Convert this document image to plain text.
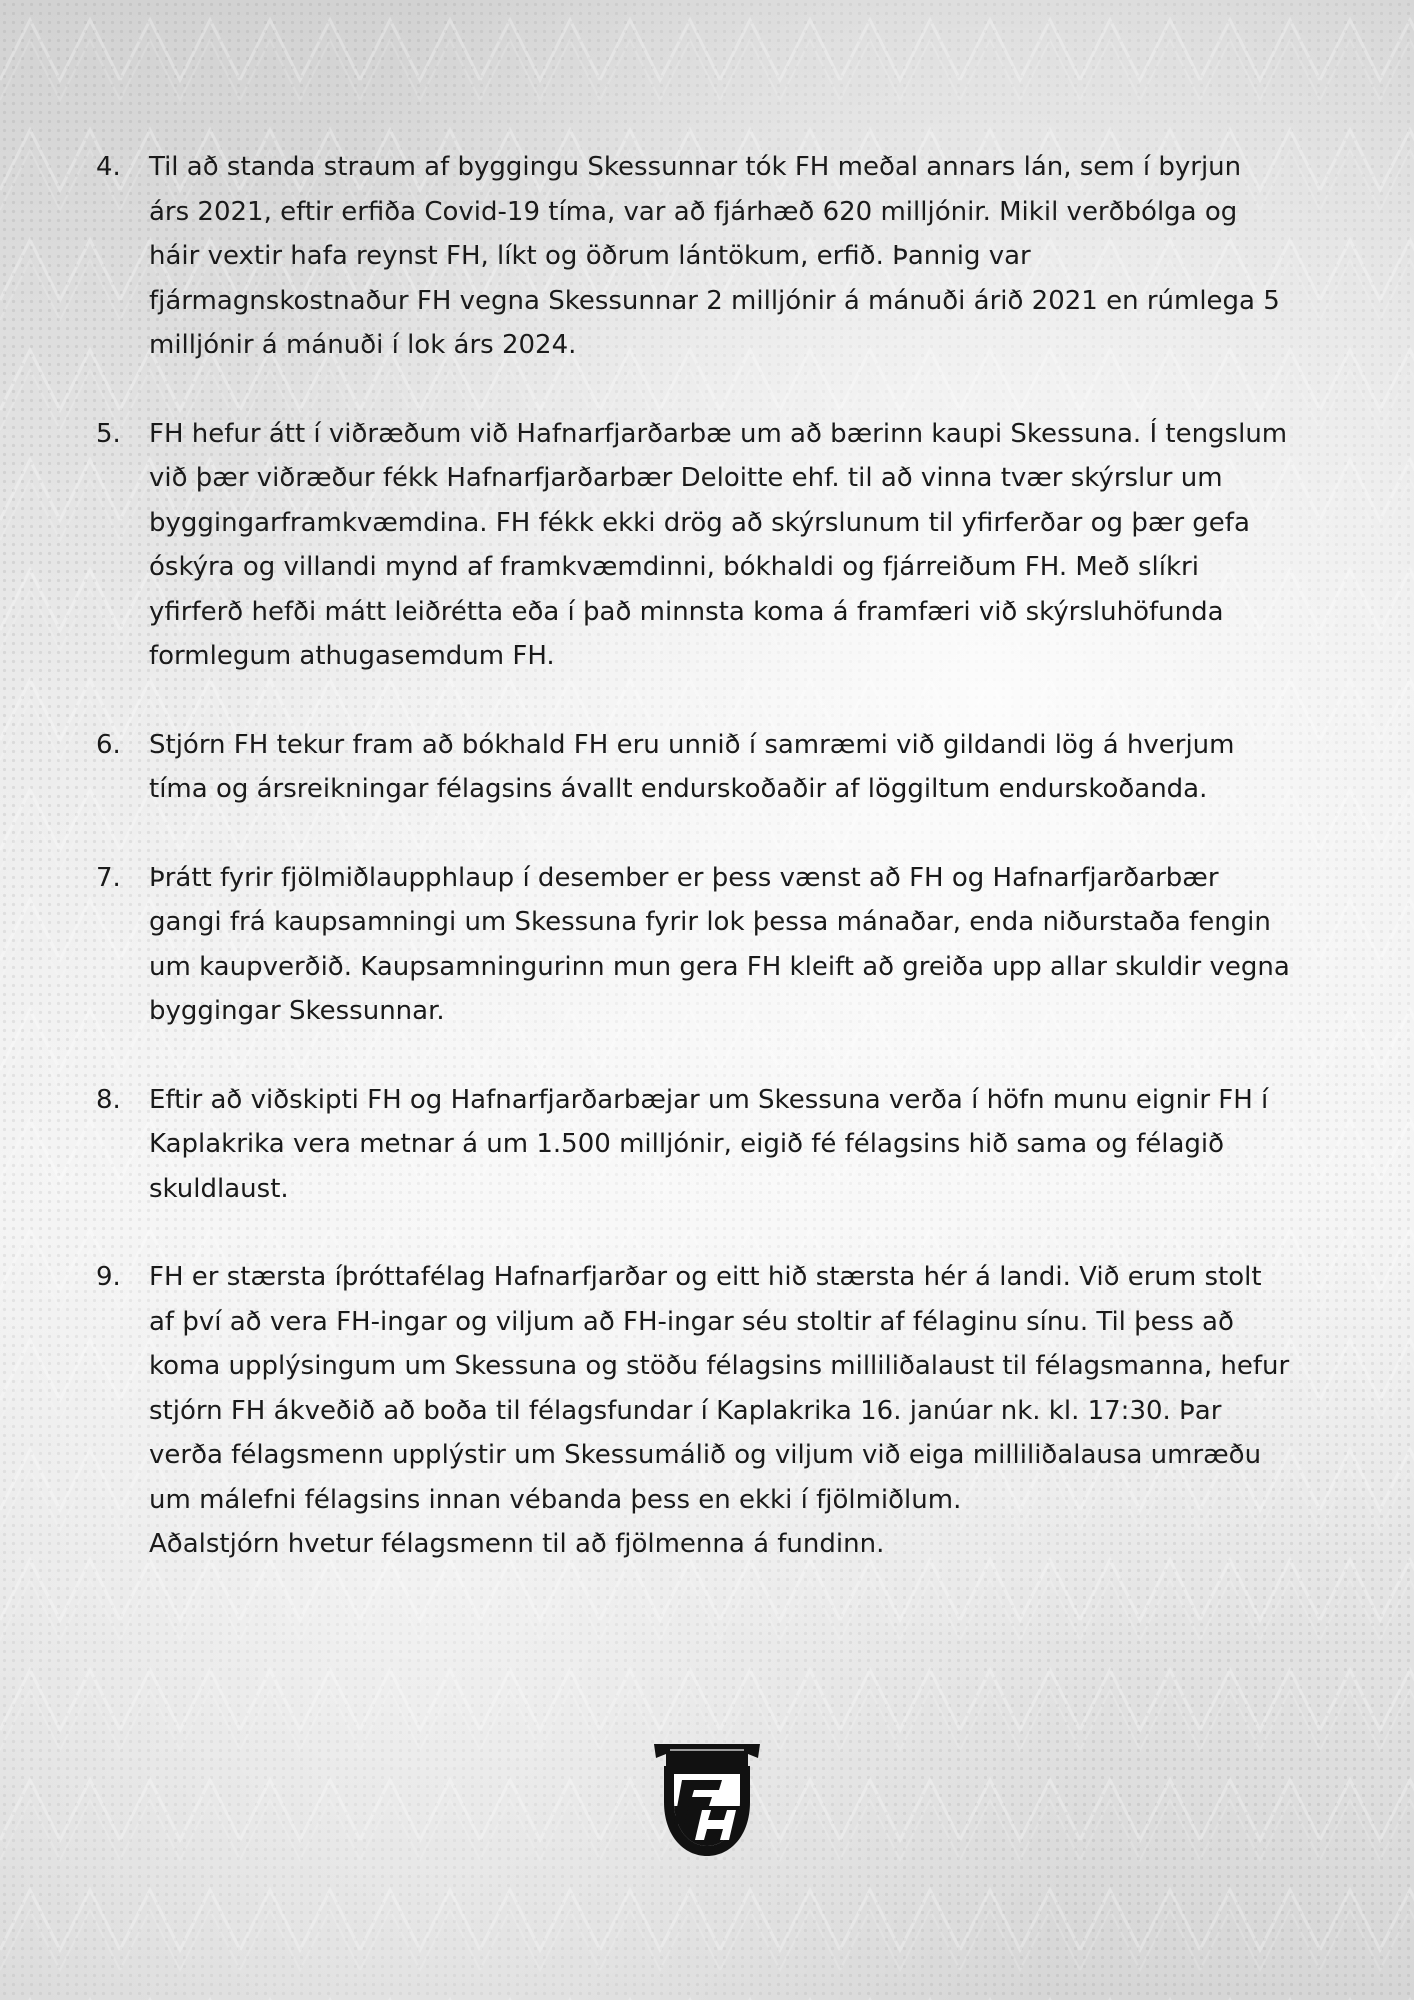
4. Til að standa straum af byggingu Skessunnar tók FH meðal annars lán, sem í byrjun

árs 2021, eftir erfiða Covid-19 tíma, var að fjárhæð 620 milljónir. Mikil verðbólga og

háir vextir hafa reynst FH, líkt og öðrum lántökum, erfið. Þannig var

fjármagnskostnaður FH vegna Skessunnar 2 milljónir á mánuði árið 2021 en rúmlega 5

milljónir á mánuði í lok árs 2024.

5. FH hefur átt í viðræðum við Hafnarfjarðarbæ um að bærinn kaupi Skessuna. Í tengslum

við þær viðræður fékk Hafnarfjarðarbær Deloitte ehf. til að vinna tvær skýrslur um

byggingarframkvæmdina. FH fékk ekki drög að skýrslunum til yfirferðar og þær gefa

óskýra og villandi mynd af framkvæmdinni, bókhaldi og fjárreiðum FH. Með slíkri

yfirferð hefði mátt leiðrétta eða í það minnsta koma á framfæri við skýrsluhöfunda

formlegum athugasemdum FH.

6. Stjórn FH tekur fram að bókhald FH eru unnið í samræmi við gildandi lög á hverjum

tíma og ársreikningar félagsins ávallt endurskoðaðir af löggiltum endurskoðanda.

7. Þrátt fyrir fjölmiðlaupphlaup í desember er þess vænst að FH og Hafnarfjarðarbær

gangi frá kaupsamningi um Skessuna fyrir lok þessa mánaðar, enda niðurstaða fengin

um kaupverðið. Kaupsamningurinn mun gera FH kleift að greiða upp allar skuldir vegna

byggingar Skessunnar.

8. Eftir að viðskipti FH og Hafnarfjarðarbæjar um Skessuna verða í höfn munu eignir FH í

Kaplakrika vera metnar á um 1.500 milljónir, eigið fé félagsins hið sama og félagið

skuldlaust.

9. FH er stærsta íþróttafélag Hafnarfjarðar og eitt hið stærsta hér á landi. Við erum stolt

af því að vera FH-ingar og viljum að FH-ingar séu stoltir af félaginu sínu. Til þess að

koma upplýsingum um Skessuna og stöðu félagsins milliliðalaust til félagsmanna, hefur

stjórn FH ákveðið að boða til félagsfundar í Kaplakrika 16. janúar nk. kl. 17:30. Þar

verða félagsmenn upplýstir um Skessumálið og viljum við eiga milliliðalausa umræðu

um málefni félagsins innan vébanda þess en ekki í fjölmiðlum.

Aðalstjórn hvetur félagsmenn til að fjölmenna á fundinn.
